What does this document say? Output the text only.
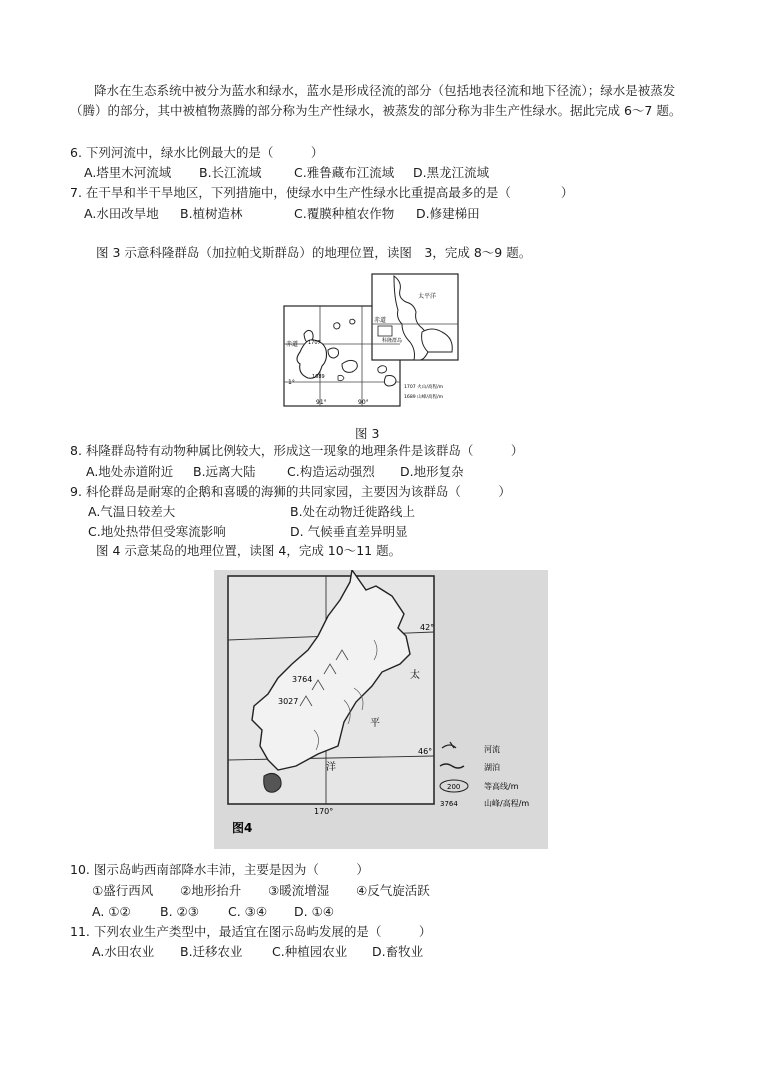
降水在生态系统中被分为蓝水和绿水，蓝水是形成径流的部分（包括地表径流和地下径流）；绿水是被蒸发（腾）的部分，其中被植物蒸腾的部分称为生产性绿水，被蒸发的部分称为非生产性绿水。据此完成 6～7 题。
6. 下列河流中，绿水比例最大的是（　　　）
A.塔里木河流域 B.长江流域	C.雅鲁藏布江流域 D.黑龙江流域
7. 在干旱和半干旱地区，下列措施中，使绿水中生产性绿水比重提高最多的是（　　　　）
A.水田改旱地 B.植树造林	C.覆膜种植农作物 D.修建梯田
图 3 示意科隆群岛（加拉帕戈斯群岛）的地理位置，读图　3，完成 8～9 题。
赤道
1°
91°	90°
1707
1689
太平洋
赤道
科隆群岛
1707 火山/高程/m
1689 山峰/高程/m
图 3
8. 科隆群岛特有动物种属比例较大，形成这一现象的地理条件是该群岛（　　　）
A.地处赤道附近 B.远离大陆	C.构造运动强烈 D.地形复杂
9. 科伦群岛是耐寒的企鹅和喜暖的海狮的共同家园，主要因为该群岛（　　　）
A.气温日较差大	B.处在动物迁徙路线上
C.地处热带但受寒流影响	D. 气候垂直差异明显
图 4 示意某岛的地理位置，读图 4，完成 10～11 题。
42°
46°
170°
3764
3027
太
平
洋
河流
湖泊
200	等高线/m
3764	山峰/高程/m
图4
10. 图示岛屿西南部降水丰沛，主要是因为（　　　）
①盛行西风 ②地形抬升 ③暖流增湿 ④反气旋活跃
A. ①② B. ②③ C. ③④ D. ①④
11. 下列农业生产类型中，最适宜在图示岛屿发展的是（　　　）
A.水田农业 B.迁移农业 C.种植园农业 D.畜牧业
